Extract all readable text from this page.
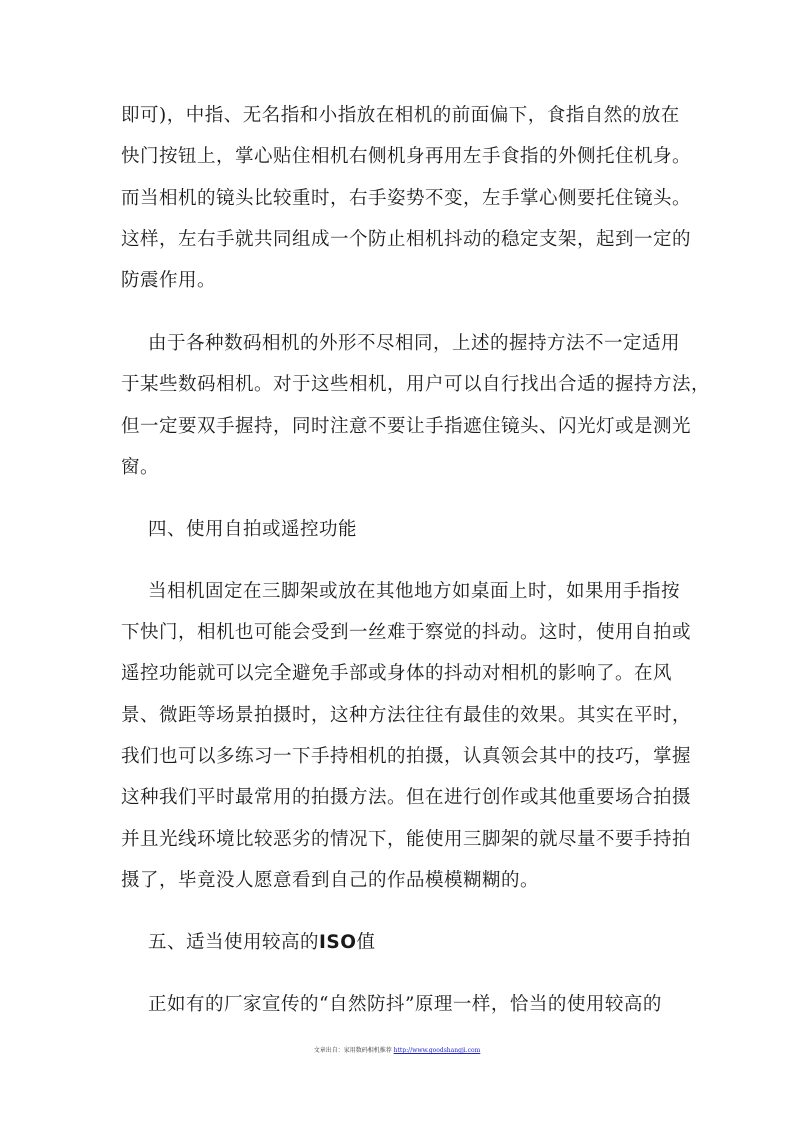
即可)，中指、无名指和小指放在相机的前面偏下，食指自然的放在
快门按钮上，掌心贴住相机右侧机身再用左手食指的外侧托住机身。
而当相机的镜头比较重时，右手姿势不变，左手掌心侧要托住镜头。
这样，左右手就共同组成一个防止相机抖动的稳定支架，起到一定的
防震作用。
由于各种数码相机的外形不尽相同，上述的握持方法不一定适用
于某些数码相机。对于这些相机，用户可以自行找出合适的握持方法，
但一定要双手握持，同时注意不要让手指遮住镜头、闪光灯或是测光
窗。
四、使用自拍或遥控功能
当相机固定在三脚架或放在其他地方如桌面上时，如果用手指按
下快门，相机也可能会受到一丝难于察觉的抖动。这时，使用自拍或
遥控功能就可以完全避免手部或身体的抖动对相机的影响了。在风
景、微距等场景拍摄时，这种方法往往有最佳的效果。其实在平时，
我们也可以多练习一下手持相机的拍摄，认真领会其中的技巧，掌握
这种我们平时最常用的拍摄方法。但在进行创作或其他重要场合拍摄
并且光线环境比较恶劣的情况下，能使用三脚架的就尽量不要手持拍
摄了，毕竟没人愿意看到自己的作品模模糊糊的。
五、适当使用较高的ISO值
正如有的厂家宣传的“自然防抖”原理一样，恰当的使用较高的
文章出自：家用数码相机推荐 http://www.goodshangji.com
